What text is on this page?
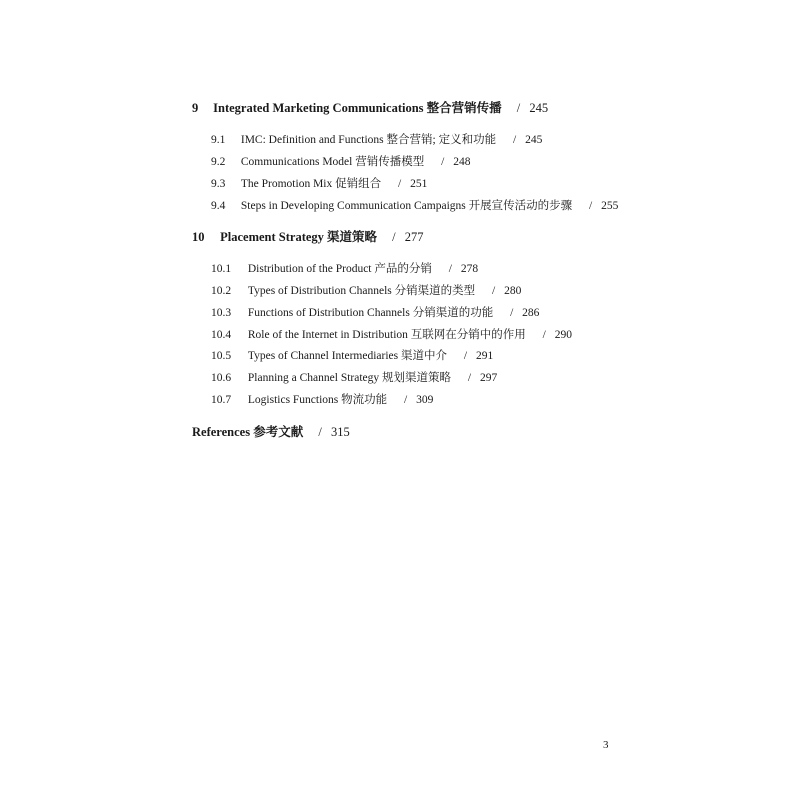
9 Integrated Marketing Communications 整合营销传播 / 245
9.1 IMC: Definition and Functions 整合营销; 定义和功能 / 245
9.2 Communications Model 营销传播模型 / 248
9.3 The Promotion Mix 促销组合 / 251
9.4 Steps in Developing Communication Campaigns 开展宣传活动的步骤 / 255
10 Placement Strategy 渠道策略 / 277
10.1 Distribution of the Product 产品的分销 / 278
10.2 Types of Distribution Channels 分销渠道的类型 / 280
10.3 Functions of Distribution Channels 分销渠道的功能 / 286
10.4 Role of the Internet in Distribution 互联网在分销中的作用 / 290
10.5 Types of Channel Intermediaries 渠道中介 / 291
10.6 Planning a Channel Strategy 规划渠道策略 / 297
10.7 Logistics Functions 物流功能 / 309
References 参考文献 / 315
3
